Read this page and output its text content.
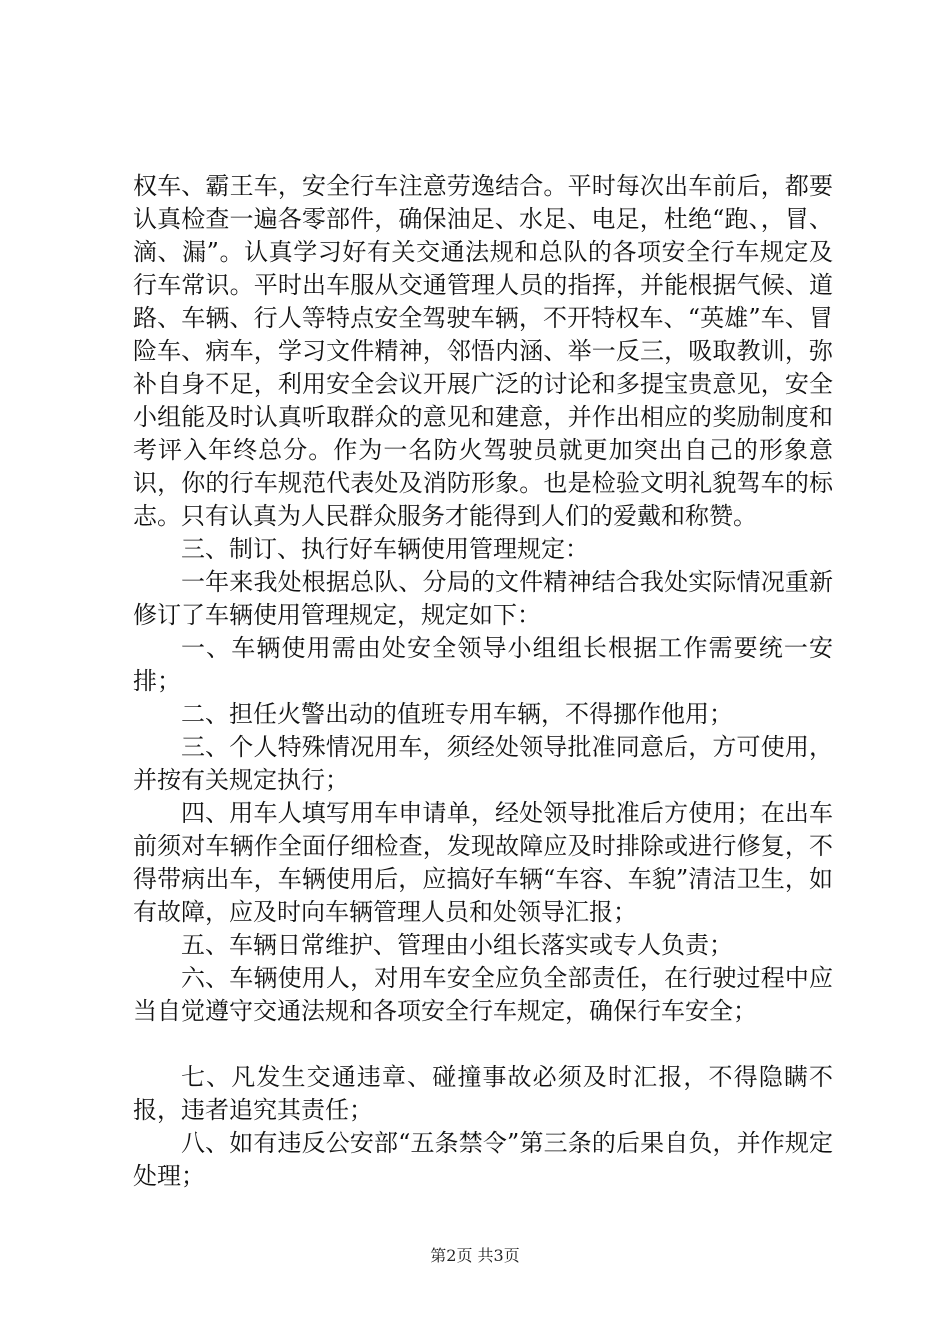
权车、霸王车，安全行车注意劳逸结合。平时每次出车前后，都要认真检查一遍各零部件，确保油足、水足、电足，杜绝“跑、，冒、滴、漏”。认真学习好有关交通法规和总队的各项安全行车规定及行车常识。平时出车服从交通管理人员的指挥，并能根据气候、道路、车辆、行人等特点安全驾驶车辆，不开特权车、“英雄”车、冒险车、病车，学习文件精神，邻悟内涵、举一反三，吸取教训，弥补自身不足，利用安全会议开展广泛的讨论和多提宝贵意见，安全小组能及时认真听取群众的意见和建意，并作出相应的奖励制度和考评入年终总分。作为一名防火驾驶员就更加突出自己的形象意识，你的行车规范代表处及消防形象。也是检验文明礼貌驾车的标志。只有认真为人民群众服务才能得到人们的爱戴和称赞。

三、制订、执行好车辆使用管理规定：

一年来我处根据总队、分局的文件精神结合我处实际情况重新修订了车辆使用管理规定，规定如下：

一、车辆使用需由处安全领导小组组长根据工作需要统一安排；

二、担任火警出动的值班专用车辆，不得挪作他用；

三、个人特殊情况用车，须经处领导批准同意后，方可使用，并按有关规定执行；

四、用车人填写用车申请单，经处领导批准后方使用；在出车前须对车辆作全面仔细检查，发现故障应及时排除或进行修复，不得带病出车，车辆使用后，应搞好车辆“车容、车貌”清洁卫生，如有故障，应及时向车辆管理人员和处领导汇报；

五、车辆日常维护、管理由小组长落实或专人负责；

六、车辆使用人，对用车安全应负全部责任，在行驶过程中应当自觉遵守交通法规和各项安全行车规定，确保行车安全；

七、凡发生交通违章、碰撞事故必须及时汇报，不得隐瞒不报，违者追究其责任；

八、如有违反公安部“五条禁令”第三条的后果自负，并作规定处理；

第2页 共3页
